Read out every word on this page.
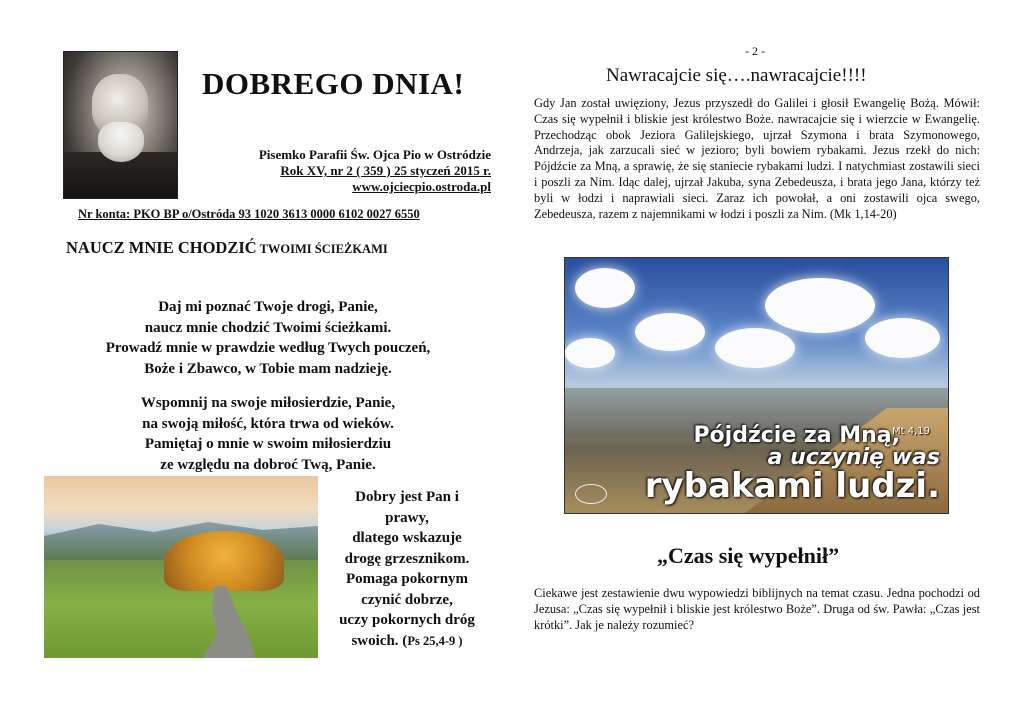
DOBREGO DNIA!
Pisemko Parafii Św. Ojca Pio w Ostródzie
Rok XV, nr 2 ( 359 ) 25 styczeń 2015 r.
www.ojciecpio.ostroda.pl
Nr konta: PKO BP o/Ostróda 93 1020 3613 0000 6102 0027 6550
NAUCZ MNIE CHODZIĆ TWOIMI ŚCIEŻKAMI
Daj mi poznać Twoje drogi, Panie,
naucz mnie chodzić Twoimi ścieżkami.
Prowadź mnie w prawdzie według Twych pouczeń,
Boże i Zbawco, w Tobie mam nadzieję.
Wspomnij na swoje miłosierdzie, Panie,
na swoją miłość, która trwa od wieków.
Pamiętaj o mnie w swoim miłosierdziu
ze względu na dobroć Twą, Panie.
Dobry jest Pan i
prawy,
dlatego wskazuje
drogę grzesznikom.
Pomaga pokornym
czynić dobrze,
uczy pokornych dróg
swoich. (Ps 25,4-9 )
- 2 -
Nawracajcie się….nawracajcie!!!!
Gdy Jan został uwięziony, Jezus przyszedł do Galilei i głosił Ewangelię Bożą. Mówił: Czas się wypełnił i bliskie jest królestwo Boże. nawracajcie się i wierzcie w Ewangelię. Przechodząc obok Jeziora Galilejskiego, ujrzał Szymona i brata Szymonowego, Andrzeja, jak zarzucali sieć w jezioro; byli bowiem rybakami. Jezus rzekł do nich: Pójdźcie za Mną, a sprawię, że się staniecie rybakami ludzi. I natychmiast zostawili sieci i poszli za Nim. Idąc dalej, ujrzał Jakuba, syna Zebedeusza, i brata jego Jana, którzy też byli w łodzi i naprawiali sieci. Zaraz ich powołał, a oni zostawili ojca swego, Zebedeusza, razem z najemnikami w łodzi i poszli za Nim. (Mk 1,14-20)
Mt 4,19
Pójdźcie za Mną,
a uczynię was
rybakami ludzi.
„Czas się wypełnił”
Ciekawe jest zestawienie dwu wypowiedzi biblijnych na temat czasu. Jedna pochodzi od Jezusa: „Czas się wypełnił i bliskie jest królestwo Boże”. Druga od św. Pawła: „Czas jest krótki”. Jak je należy rozumieć?
